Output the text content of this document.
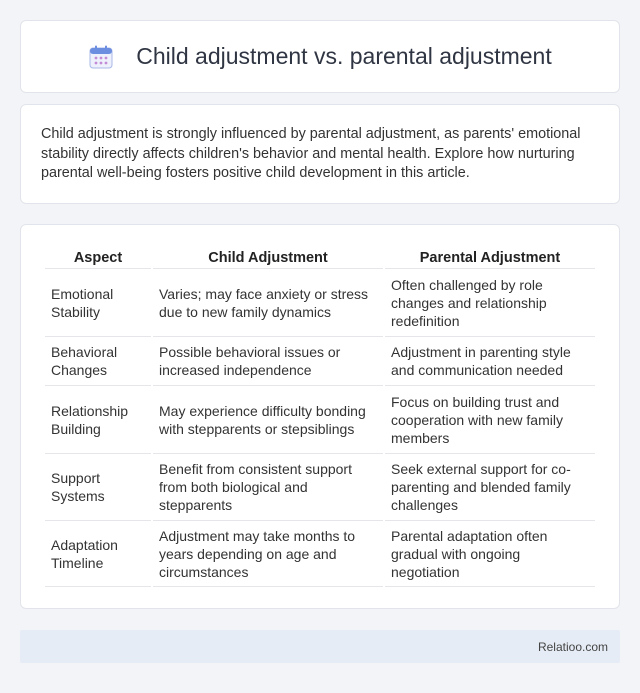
Child adjustment vs. parental adjustment

Child adjustment is strongly influenced by parental adjustment, as parents' emotional stability directly affects children's behavior and mental health. Explore how nurturing parental well-being fosters positive child development in this article.

Aspect	Child Adjustment	Parental Adjustment
Emotional Stability	Varies; may face anxiety or stress due to new family dynamics	Often challenged by role changes and relationship redefinition
Behavioral Changes	Possible behavioral issues or increased independence	Adjustment in parenting style and communication needed
Relationship Building	May experience difficulty bonding with stepparents or stepsiblings	Focus on building trust and cooperation with new family members
Support Systems	Benefit from consistent support from both biological and stepparents	Seek external support for co-parenting and blended family challenges
Adaptation Timeline	Adjustment may take months to years depending on age and circumstances	Parental adaptation often gradual with ongoing negotiation
Relatioo.com
